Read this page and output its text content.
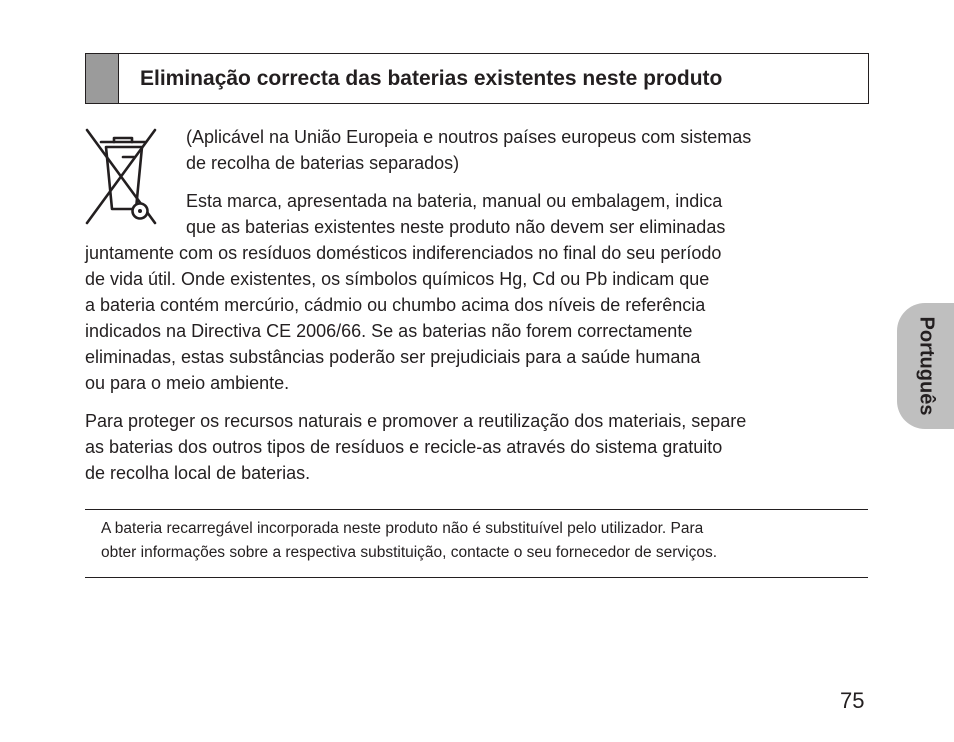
Eliminação correcta das baterias existentes neste produto
(Aplicável na União Europeia e noutros países europeus com sistemas
de recolha de baterias separados)
Esta marca, apresentada na bateria, manual ou embalagem, indica
que as baterias existentes neste produto não devem ser eliminadas
juntamente com os resíduos domésticos indiferenciados no final do seu período
de vida útil. Onde existentes, os símbolos químicos Hg, Cd ou Pb indicam que
a bateria contém mercúrio, cádmio ou chumbo acima dos níveis de referência
indicados na Directiva CE 2006/66. Se as baterias não forem correctamente
eliminadas, estas substâncias poderão ser prejudiciais para a saúde humana
ou para o meio ambiente.
Para proteger os recursos naturais e promover a reutilização dos materiais, separe
as baterias dos outros tipos de resíduos e recicle-as através do sistema gratuito
de recolha local de baterias.
A bateria recarregável incorporada neste produto não é substituível pelo utilizador. Para
obter informações sobre a respectiva substituição, contacte o seu fornecedor de serviços.
Português
75
